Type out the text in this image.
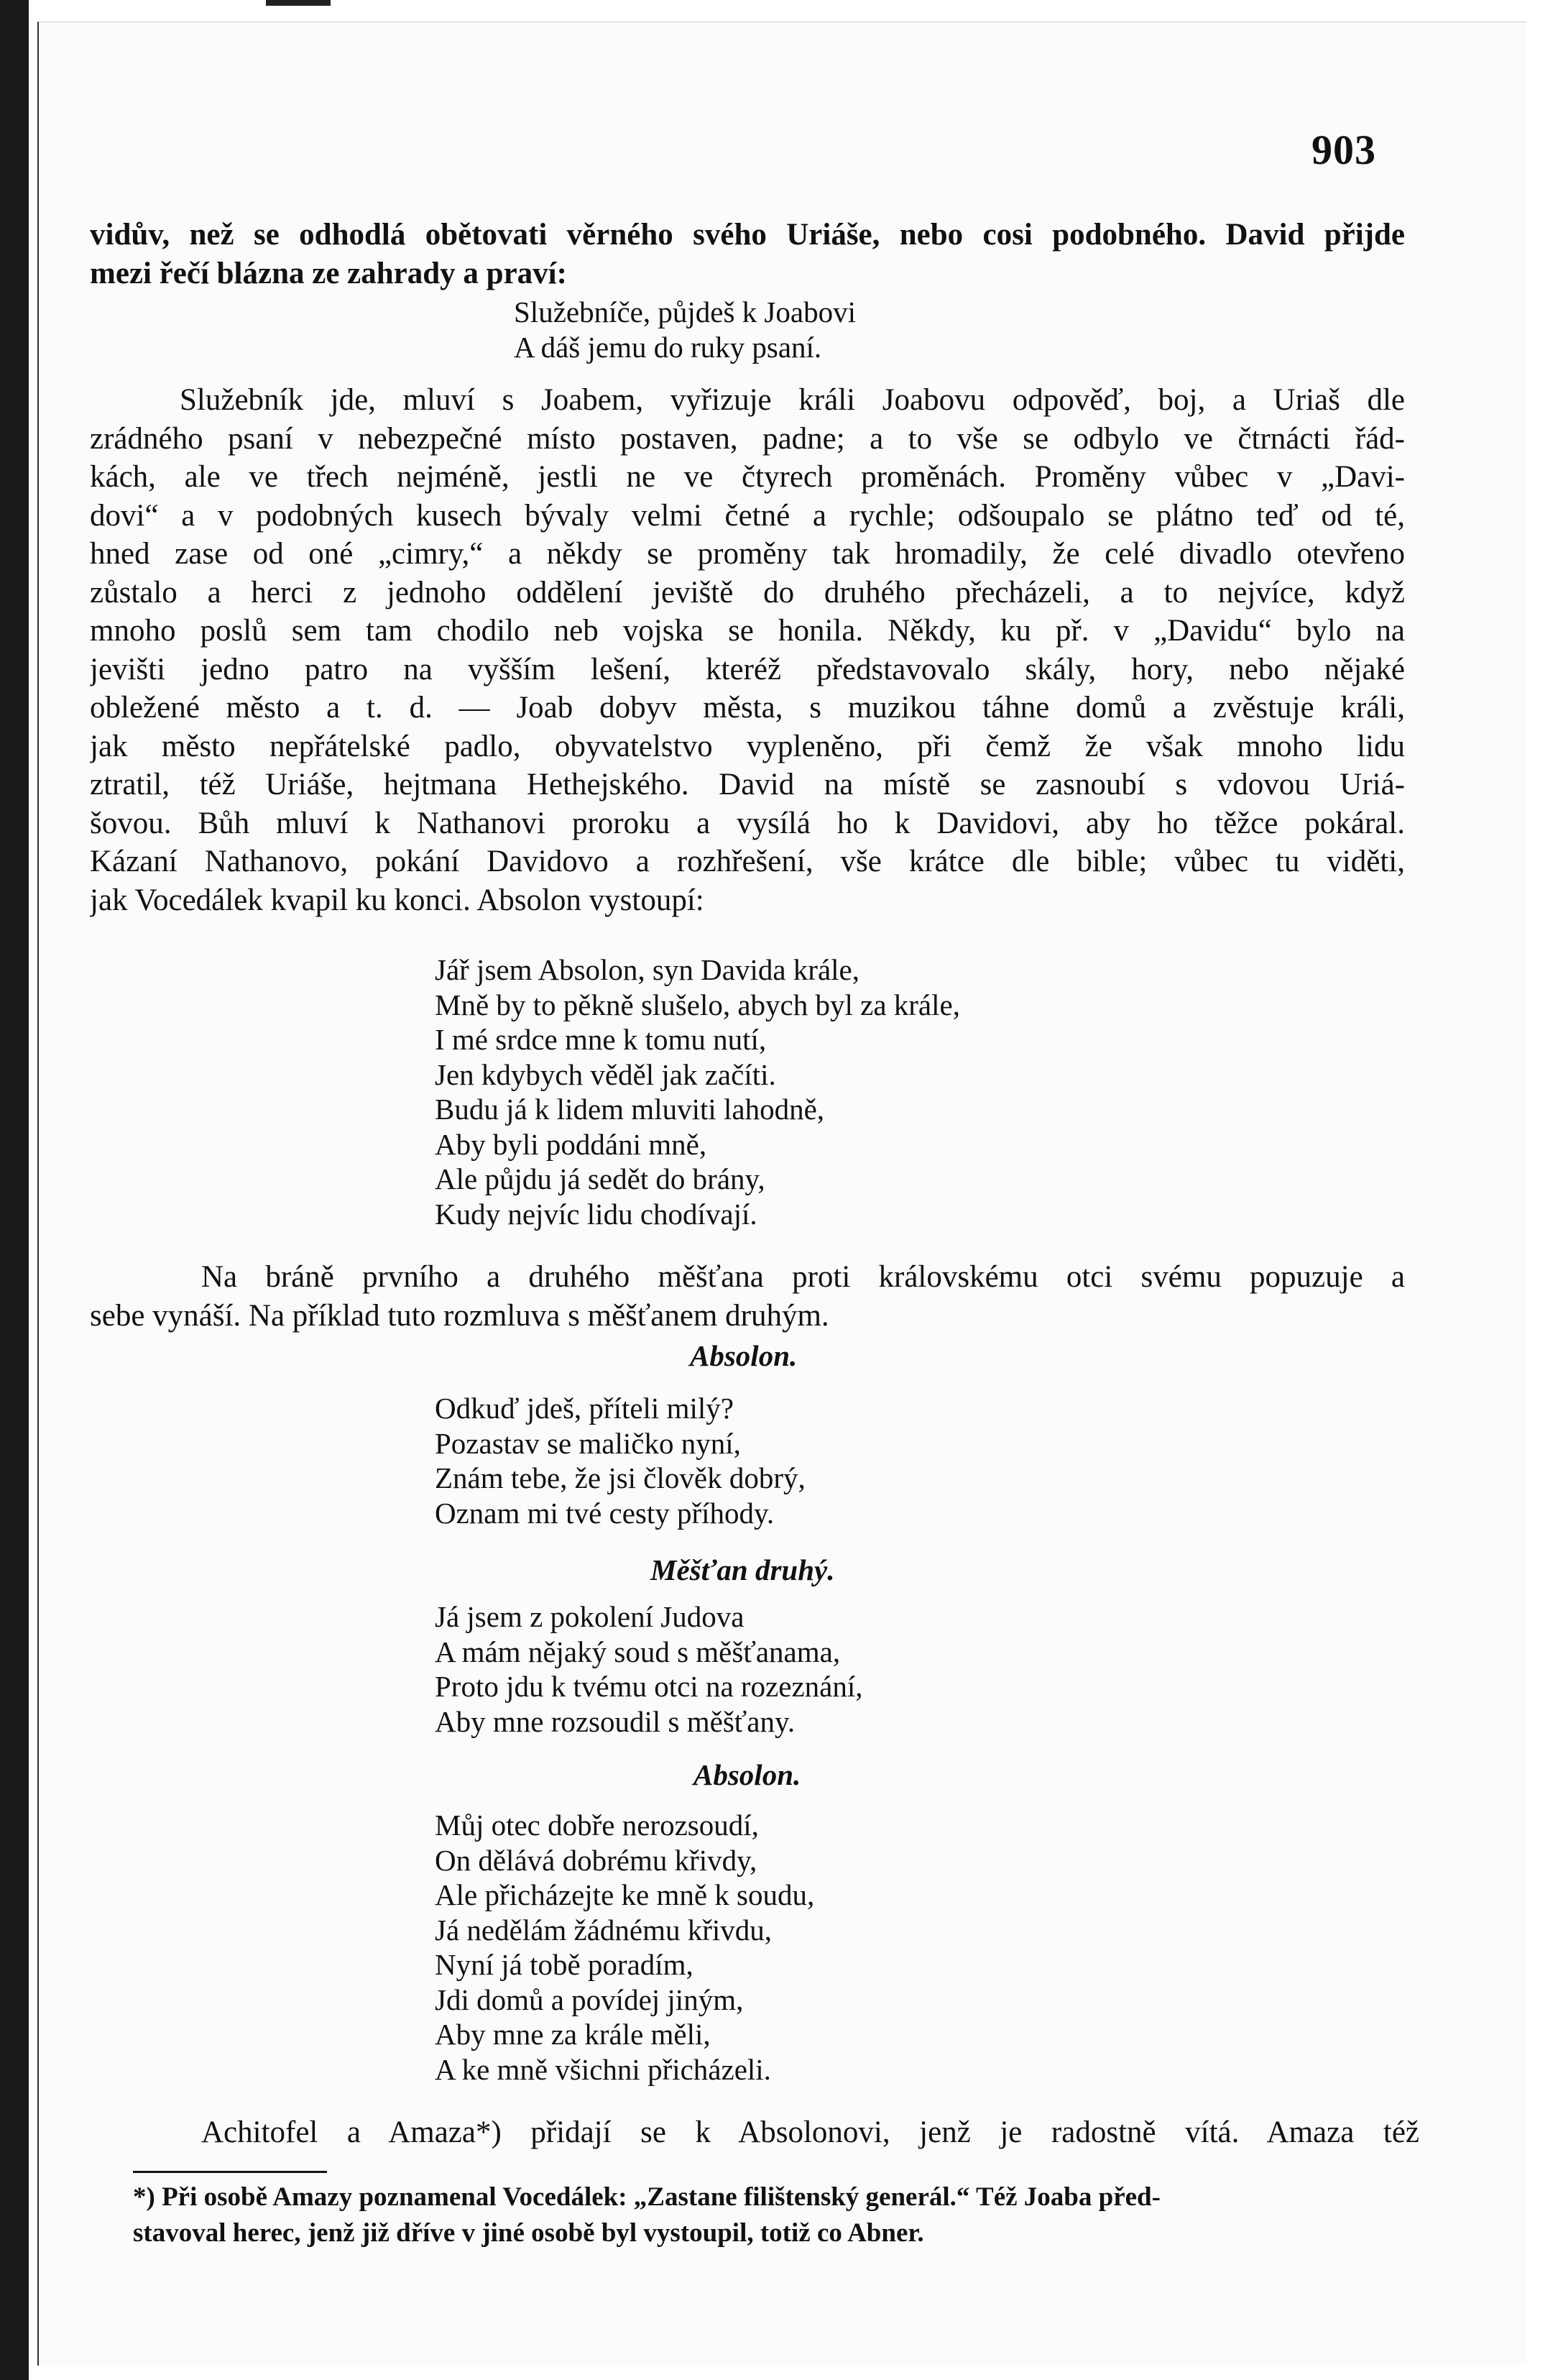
903
vidův, než se odhodlá obětovati věrného svého Uriáše, nebo cosi podobného. David přijde
mezi řečí blázna ze zahrady a praví:
Služebníče, půjdeš k Joabovi
A dáš jemu do ruky psaní.
Služebník jde, mluví s Joabem, vyřizuje králi Joabovu odpověď, boj, a Uriaš dle
zrádného psaní v nebezpečné místo postaven, padne; a to vše se odbylo ve čtrnácti řád-
kách, ale ve třech nejméně, jestli ne ve čtyrech proměnách. Proměny vůbec v „Davi-
dovi“ a v podobných kusech bývaly velmi četné a rychle; odšoupalo se plátno teď od té,
hned zase od oné „cimry,“ a někdy se proměny tak hromadily, že celé divadlo otevřeno
zůstalo a herci z jednoho oddělení jeviště do druhého přecházeli, a to nejvíce, když
mnoho poslů sem tam chodilo neb vojska se honila. Někdy, ku př. v „Davidu“ bylo na
jevišti jedno patro na vyšším lešení, kteréž představovalo skály, hory, nebo nějaké
obležené město a t. d. — Joab dobyv města, s muzikou táhne domů a zvěstuje králi,
jak město nepřátelské padlo, obyvatelstvo vypleněno, při čemž že však mnoho lidu
ztratil, též Uriáše, hejtmana Hethejského. David na místě se zasnoubí s vdovou Uriá-
šovou. Bůh mluví k Nathanovi proroku a vysílá ho k Davidovi, aby ho těžce pokáral.
Kázaní Nathanovo, pokání Davidovo a rozhřešení, vše krátce dle bible; vůbec tu viděti,
jak Vocedálek kvapil ku konci. Absolon vystoupí:
Jář jsem Absolon, syn Davida krále,
Mně by to pěkně slušelo, abych byl za krále,
I mé srdce mne k tomu nutí,
Jen kdybych věděl jak začíti.
Budu já k lidem mluviti lahodně,
Aby byli poddáni mně,
Ale půjdu já sedět do brány,
Kudy nejvíc lidu chodívají.
Na bráně prvního a druhého měšťana proti královskému otci svému popuzuje a
sebe vynáší. Na příklad tuto rozmluva s měšťanem druhým.
Absolon.
Odkuď jdeš, příteli milý?
Pozastav se maličko nyní,
Znám tebe, že jsi člověk dobrý,
Oznam mi tvé cesty příhody.
Měšťan druhý.
Já jsem z pokolení Judova
A mám nějaký soud s měšťanama,
Proto jdu k tvému otci na rozeznání,
Aby mne rozsoudil s měšťany.
Absolon.
Můj otec dobře nerozsoudí,
On dělává dobrému křivdy,
Ale přicházejte ke mně k soudu,
Já nedělám žádnému křivdu,
Nyní já tobě poradím,
Jdi domů a povídej jiným,
Aby mne za krále měli,
A ke mně všichni přicházeli.
Achitofel a Amaza*) přidají se k Absolonovi, jenž je radostně vítá. Amaza též
*) Při osobě Amazy poznamenal Vocedálek: „Zastane filištenský generál.“ Též Joaba před-
stavoval herec, jenž již dříve v jiné osobě byl vystoupil, totiž co Abner.
